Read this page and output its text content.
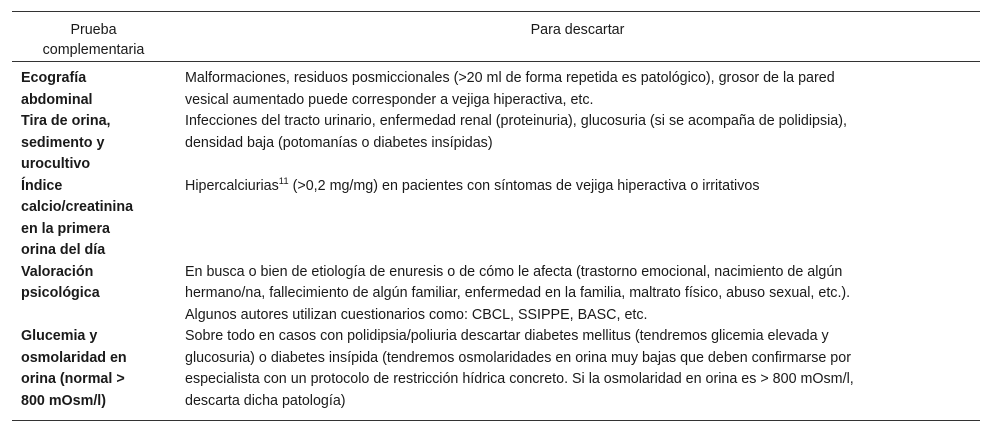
Prueba
complementaria
Para descartar
Ecografía
abdominal
Malformaciones, residuos posmiccionales (>20 ml de forma repetida es patológico), grosor de la pared
vesical aumentado puede corresponder a vejiga hiperactiva, etc.
Tira de orina,
sedimento y
urocultivo
Infecciones del tracto urinario, enfermedad renal (proteinuria), glucosuria (si se acompaña de polidipsia),
densidad baja (potomanías o diabetes insípidas)
Índice
calcio/creatinina
en la primera
orina del día
Hipercalciurias$^{11}$ (>0,2 mg/mg) en pacientes con síntomas de vejiga hiperactiva o irritativos
Valoración
psicológica
En busca o bien de etiología de enuresis o de cómo le afecta (trastorno emocional, nacimiento de algún
hermano/na, fallecimiento de algún familiar, enfermedad en la familia, maltrato físico, abuso sexual, etc.).
Algunos autores utilizan cuestionarios como: CBCL, SSIPPE, BASC, etc.
Glucemia y
osmolaridad en
orina (normal >
800 mOsm/l)
Sobre todo en casos con polidipsia/poliuria descartar diabetes mellitus (tendremos glicemia elevada y
glucosuria) o diabetes insípida (tendremos osmolaridades en orina muy bajas que deben confirmarse por
especialista con un protocolo de restricción hídrica concreto. Si la osmolaridad en orina es > 800 mOsm/l,
descarta dicha patología)
